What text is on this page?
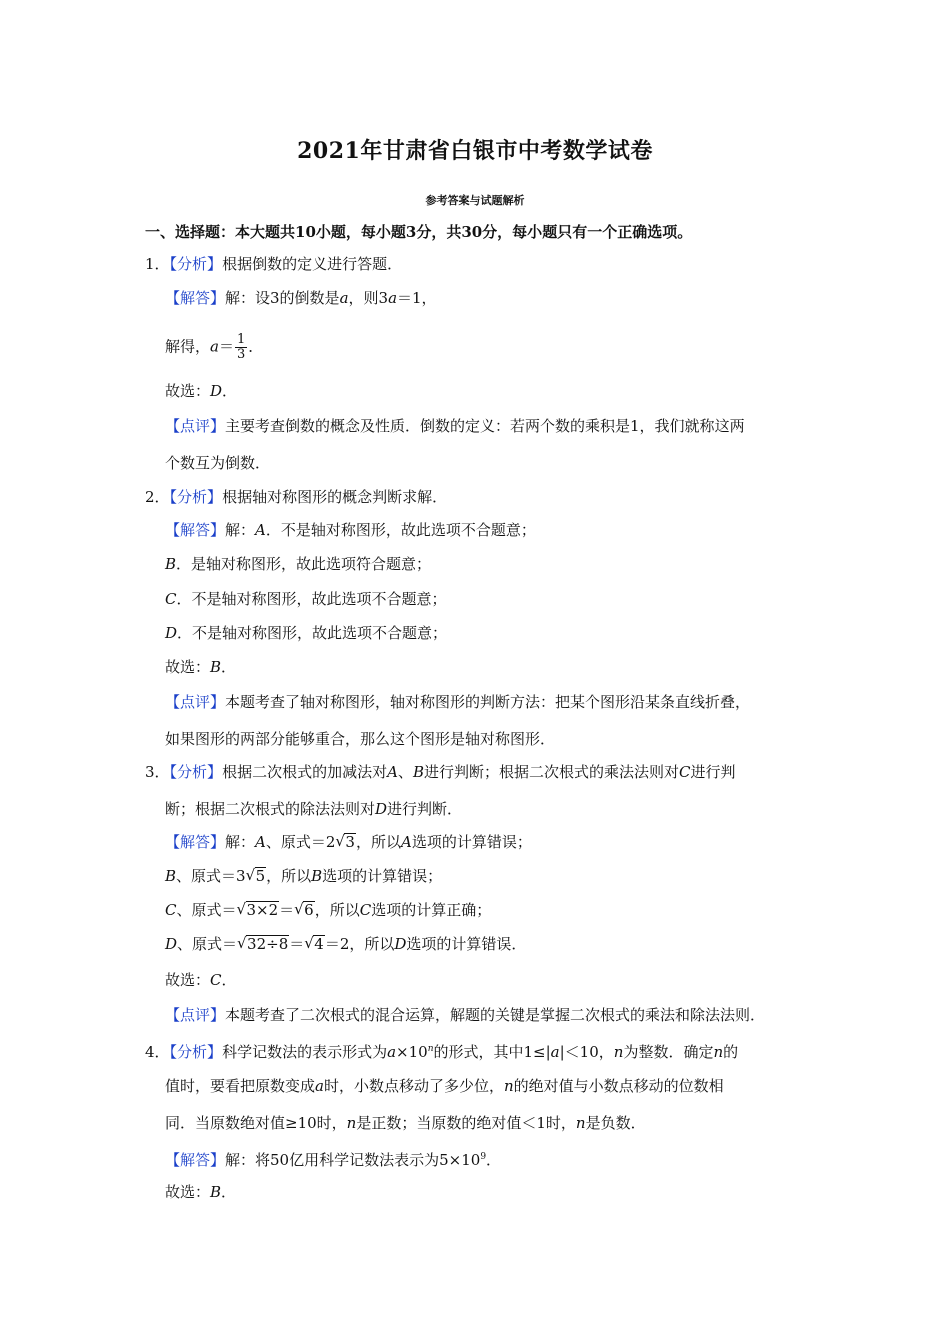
2021年甘肃省白银市中考数学试卷
参考答案与试题解析
一、选择题：本大题共10小题，每小题3分，共30分，每小题只有一个正确选项。
1．【分析】根据倒数的定义进行答题．
【解答】解：设3的倒数是a，则3a＝1，
解得，$a= \frac{1}{3}$ ．
故选：D．
【点评】主要考查倒数的概念及性质．倒数的定义：若两个数的乘积是1，我们就称这两
个数互为倒数．
2．【分析】根据轴对称图形的概念判断求解．
【解答】解：A．不是轴对称图形，故此选项不合题意；
B．是轴对称图形，故此选项符合题意；
C．不是轴对称图形，故此选项不合题意；
D．不是轴对称图形，故此选项不合题意；
故选：B．
【点评】本题考查了轴对称图形，轴对称图形的判断方法：把某个图形沿某条直线折叠，
如果图形的两部分能够重合，那么这个图形是轴对称图形．
3．【分析】根据二次根式的加减法对A、B进行判断；根据二次根式的乘法法则对C进行判
断；根据二次根式的除法法则对D进行判断．
【解答】解：A、原式＝2 √ 3，所以A选项的计算错误；
B、原式＝3 √ 5，所以B选项的计算错误；
C、原式＝ √ 3×2＝ √ 6，所以C选项的计算正确；
D、原式＝ √ 32÷8＝ √ 4＝2，所以D选项的计算错误．
故选：C．
【点评】本题考查了二次根式的混合运算，解题的关键是掌握二次根式的乘法和除法法则．
4．【分析】科学记数法的表示形式为$a\times 10^n$的形式，其中1≤|a|＜10，n为整数．确定n的
值时，要看把原数变成a时，小数点移动了多少位，n的绝对值与小数点移动的位数相
同．当原数绝对值≥10时，n是正数；当原数的绝对值＜1时，n是负数．
【解答】解：将50亿用科学记数法表示为$5\times 10^9$．
故选：B．
